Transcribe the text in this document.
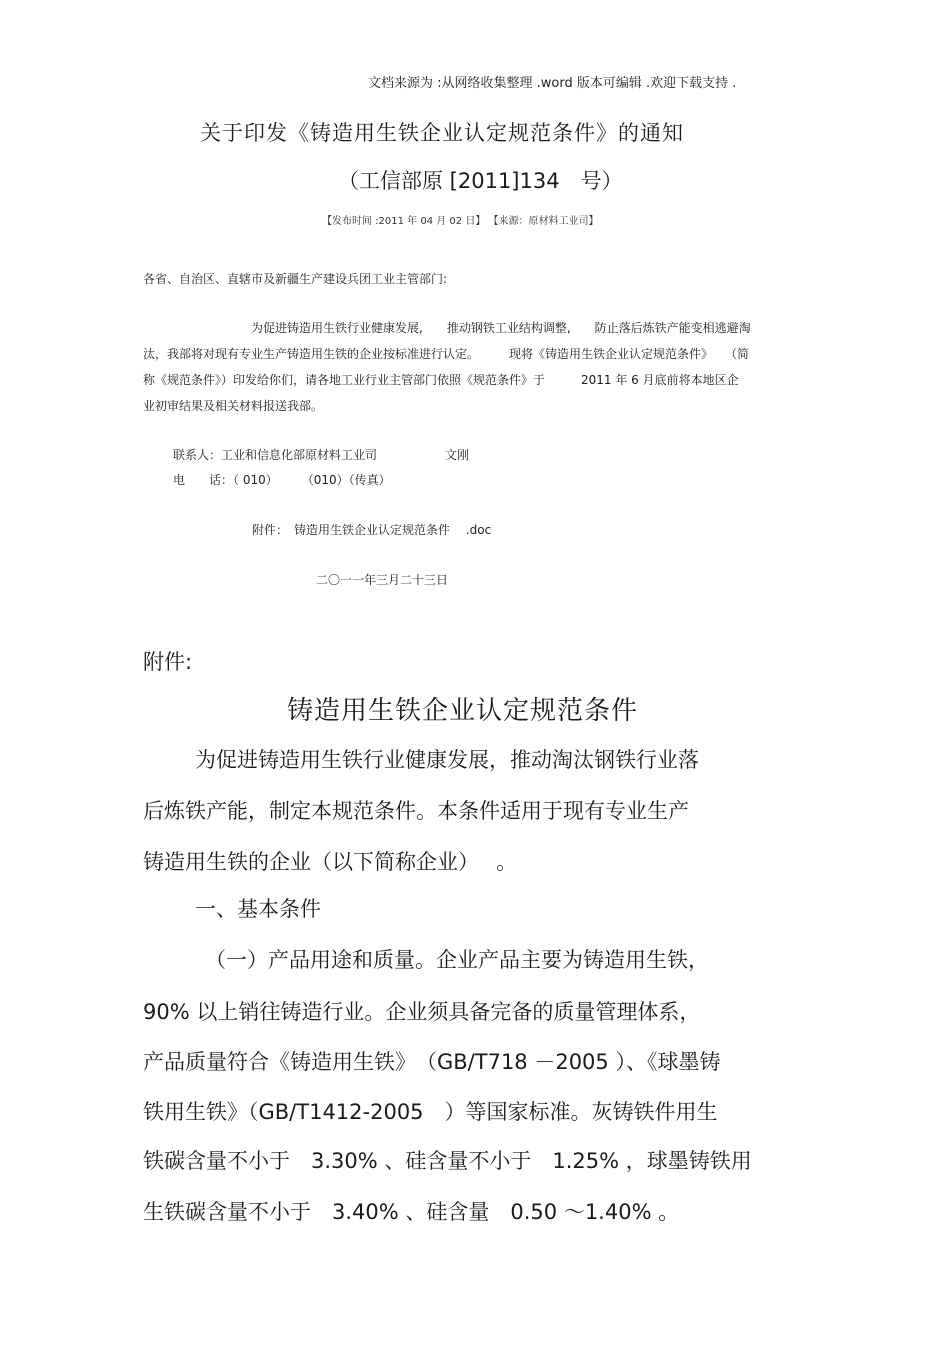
文档来源为 :从网络收集整理 .word 版本可编辑 .欢迎下载支持 .
关于印发《铸造用生铁企业认定规范条件》的通知
（工信部原 [2011]134　号）
【发布时间 :2011 年 04 月 02 日】 【来源：原材料工业司】
各省、自治区、直辖市及新疆生产建设兵团工业主管部门:
为促进铸造用生铁行业健康发展,　　推动钢铁工业结构调整,　　防止落后炼铁产能变相逃避淘
汰，我部将对现有专业生产铸造用生铁的企业按标准进行认定。　　　现将《铸造用生铁企业认定规范条件》　　（简
称《规范条件》）印发给你们，请各地工业行业主管部门依照《规范条件》于　　　2011 年 6 月底前将本地区企
业初审结果及相关材料报送我部。
联系人：工业和信息化部原材料工业司	文刚
电　　话：（ 010）　　　（010）（传真）
附件：　铸造用生铁企业认定规范条件　 .doc
二〇一一年三月二十三日
附件:
铸造用生铁企业认定规范条件
为促进铸造用生铁行业健康发展，推动淘汰钢铁行业落
后炼铁产能，制定本规范条件。本条件适用于现有专业生产
铸造用生铁的企业（以下简称企业）　 。
一、基本条件
（一）产品用途和质量。企业产品主要为铸造用生铁，
90% 以上销往铸造行业。企业须具备完备的质量管理体系，
产品质量符合《铸造用生铁》　（GB/T718 －2005 ）、《球墨铸
铁用生铁》（GB/T1412-2005　）等国家标准。灰铸铁件用生
铁碳含量不小于　3.30% 、硅含量不小于　1.25% ，球墨铸铁用
生铁碳含量不小于　3.40% 、硅含量　0.50 ～1.40% 。
